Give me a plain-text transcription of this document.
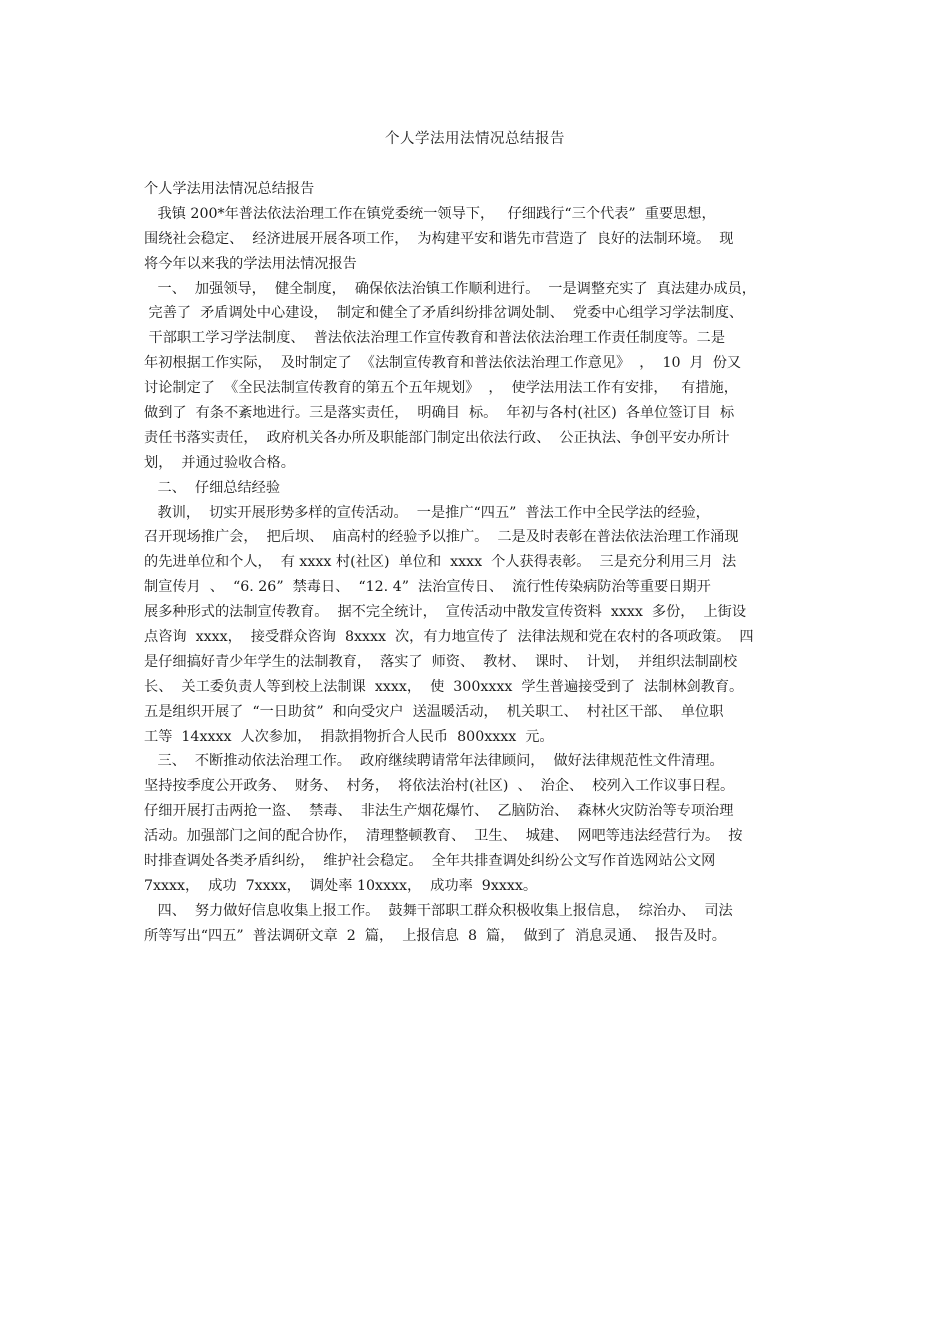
个人学法用法情况总结报告
个人学法用法情况总结报告
我镇 200*年普法依法治理工作在镇党委统一领导下，   仔细践行“三个代表”  重要思想，
围绕社会稳定、  经济进展开展各项工作，  为构建平安和谐先市营造了  良好的法制环境。  现
将今年以来我的学法用法情况报告
一、  加强领导，  健全制度，  确保依法治镇工作顺利进行。  一是调整充实了  真法建办成员，
完善了  矛盾调处中心建设，  制定和健全了矛盾纠纷排岔调处制、  党委中心组学习学法制度、
干部职工学习学法制度、  普法依法治理工作宣传教育和普法依法治理工作责任制度等。二是
年初根据工作实际，  及时制定了  《法制宣传教育和普法依法治理工作意见》  ，  10  月  份又
讨论制定了  《全民法制宣传教育的第五个五年规划》  ，  使学法用法工作有安排，   有措施，
做到了  有条不紊地进行。三是落实责任，  明确目  标。  年初与各村(社区)  各单位签订目  标
责任书落实责任，  政府机关各办所及职能部门制定出依法行政、  公正执法、争创平安办所计
划，  并通过验收合格。
二、  仔细总结经验
教训，  切实开展形势多样的宣传活动。  一是推广“四五”  普法工作中全民学法的经验，
召开现场推广会，  把后坝、  庙高村的经验予以推广。  二是及时表彰在普法依法治理工作涌现
的先进单位和个人，  有 xxxx 村(社区)  单位和  xxxx  个人获得表彰。  三是充分利用三月  法
制宣传月  、  “6. 26”  禁毒日、  “12. 4”  法治宣传日、  流行性传染病防治等重要日期开
展多种形式的法制宣传教育。  据不完全统计，  宣传活动中散发宣传资料  xxxx  多份，  上街设
点咨询  xxxx，  接受群众咨询  8xxxx  次，有力地宣传了  法律法规和党在农村的各项政策。  四
是仔细搞好青少年学生的法制教育，  落实了  师资、  教材、  课时、  计划，  并组织法制副校
长、  关工委负责人等到校上法制课  xxxx，  使  300xxxx  学生普遍接受到了  法制林剑教育。
五是组织开展了  “一日助贫”  和向受灾户  送温暖活动，  机关职工、  村社区干部、  单位职
工等  14xxxx  人次参加，  捐款捐物折合人民币  800xxxx  元。
三、  不断推动依法治理工作。  政府继续聘请常年法律顾问，  做好法律规范性文件清理。
坚持按季度公开政务、  财务、  村务，  将依法治村(社区)  、  治企、  校列入工作议事日程。
仔细开展打击两抢一盗、  禁毒、  非法生产烟花爆竹、  乙脑防治、  森林火灾防治等专项治理
活动。加强部门之间的配合协作，  清理整顿教育、  卫生、  城建、  网吧等违法经营行为。  按
时排查调处各类矛盾纠纷，  维护社会稳定。  全年共排查调处纠纷公文写作首选网站公文网
7xxxx，  成功  7xxxx，  调处率 10xxxx，  成功率  9xxxx。
四、  努力做好信息收集上报工作。  鼓舞干部职工群众积极收集上报信息，  综治办、  司法
所等写出“四五”  普法调研文章  2  篇，  上报信息  8  篇，  做到了  消息灵通、  报告及时。
